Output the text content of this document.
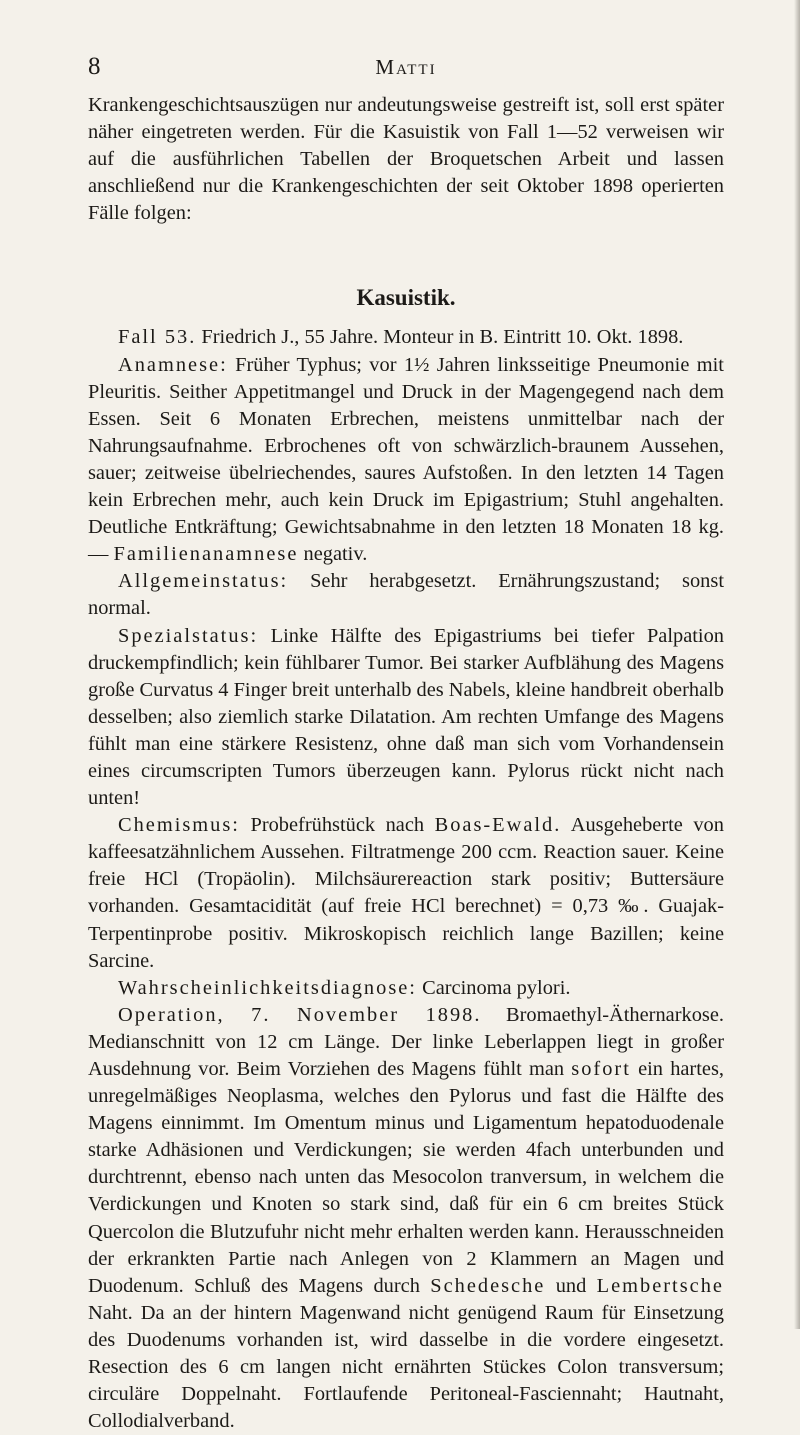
8	Matti

Krankengeschichtsauszügen nur andeutungsweise gestreift ist, soll erst später näher eingetreten werden. Für die Kasuistik von Fall 1—52 verweisen wir auf die ausführlichen Tabellen der Broquetschen Arbeit und lassen anschließend nur die Krankengeschichten der seit Oktober 1898 operierten Fälle folgen:

Kasuistik.

Fall 53. Friedrich J., 55 Jahre. Monteur in B. Eintritt 10. Okt. 1898.

Anamnese: Früher Typhus; vor 1½ Jahren linksseitige Pneumonie mit Pleuritis. Seither Appetitmangel und Druck in der Magengegend nach dem Essen. Seit 6 Monaten Erbrechen, meistens unmittelbar nach der Nahrungsaufnahme. Erbrochenes oft von schwärzlich-braunem Aussehen, sauer; zeitweise übelriechendes, saures Aufstoßen. In den letzten 14 Tagen kein Erbrechen mehr, auch kein Druck im Epigastrium; Stuhl angehalten. Deutliche Entkräftung; Gewichtsabnahme in den letzten 18 Monaten 18 kg. — Familienanamnese negativ.

Allgemeinstatus: Sehr herabgesetzt. Ernährungszustand; sonst normal.

Spezialstatus: Linke Hälfte des Epigastriums bei tiefer Palpation druckempfindlich; kein fühlbarer Tumor. Bei starker Aufblähung des Magens große Curvatus 4 Finger breit unterhalb des Nabels, kleine handbreit oberhalb desselben; also ziemlich starke Dilatation. Am rechten Umfange des Magens fühlt man eine stärkere Resistenz, ohne daß man sich vom Vorhandensein eines circumscripten Tumors überzeugen kann. Pylorus rückt nicht nach unten!

Chemismus: Probefrühstück nach Boas-Ewald. Ausgeheberte von kaffeesatzähnlichem Aussehen. Filtratmenge 200 ccm. Reaction sauer. Keine freie HCl (Tropäolin). Milchsäurereaction stark positiv; Buttersäure vorhanden. Gesamtacidität (auf freie HCl berechnet) = 0,73 ‰. Guajak-Terpentinprobe positiv. Mikroskopisch reichlich lange Bazillen; keine Sarcine.

Wahrscheinlichkeitsdiagnose: Carcinoma pylori.

Operation, 7. November 1898. Bromaethyl-Äthernarkose. Medianschnitt von 12 cm Länge. Der linke Leberlappen liegt in großer Ausdehnung vor. Beim Vorziehen des Magens fühlt man sofort ein hartes, unregelmäßiges Neoplasma, welches den Pylorus und fast die Hälfte des Magens einnimmt. Im Omentum minus und Ligamentum hepatoduodenale starke Adhäsionen und Verdickungen; sie werden 4fach unterbunden und durchtrennt, ebenso nach unten das Mesocolon tranversum, in welchem die Verdickungen und Knoten so stark sind, daß für ein 6 cm breites Stück Quercolon die Blutzufuhr nicht mehr erhalten werden kann. Herausschneiden der erkrankten Partie nach Anlegen von 2 Klammern an Magen und Duodenum. Schluß des Magens durch Schedesche und Lembertsche Naht. Da an der hintern Magenwand nicht genügend Raum für Einsetzung des Duodenums vorhanden ist, wird dasselbe in die vordere eingesetzt. Resection des 6 cm langen nicht ernährten Stückes Colon transversum; circuläre Doppelnaht. Fortlaufende Peritoneal-Fasciennaht; Hautnaht, Collodialverband.
